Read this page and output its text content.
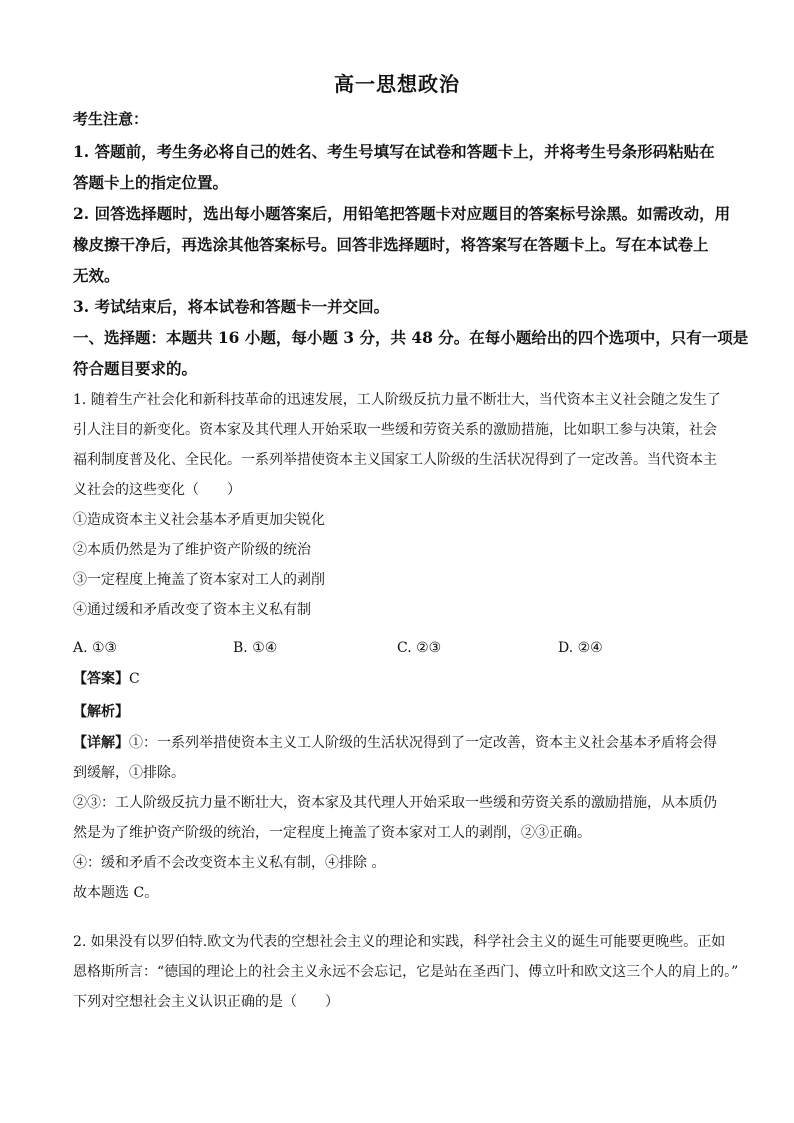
高一思想政治
考生注意：
1. 答题前，考生务必将自己的姓名、考生号填写在试卷和答题卡上，并将考生号条形码粘贴在
答题卡上的指定位置。
2. 回答选择题时，选出每小题答案后，用铅笔把答题卡对应题目的答案标号涂黑。如需改动，用
橡皮擦干净后，再选涂其他答案标号。回答非选择题时，将答案写在答题卡上。写在本试卷上
无效。
3. 考试结束后，将本试卷和答题卡一并交回。
一、选择题：本题共 16 小题，每小题 3 分，共 48 分。在每小题给出的四个选项中，只有一项是
符合题目要求的。
1. 随着生产社会化和新科技革命的迅速发展，工人阶级反抗力量不断壮大，当代资本主义社会随之发生了
引人注目的新变化。资本家及其代理人开始采取一些缓和劳资关系的激励措施，比如职工参与决策，社会
福利制度普及化、全民化。一系列举措使资本主义国家工人阶级的生活状况得到了一定改善。当代资本主
义社会的这些变化（　　）
①造成资本主义社会基本矛盾更加尖锐化
②本质仍然是为了维护资产阶级的统治
③一定程度上掩盖了资本家对工人的剥削
④通过缓和矛盾改变了资本主义私有制
A. ①③	B. ①④	C. ②③	D. ②④
【答案】C
【解析】
【详解】①：一系列举措使资本主义工人阶级的生活状况得到了一定改善，资本主义社会基本矛盾将会得
到缓解，①排除。
②③：工人阶级反抗力量不断壮大，资本家及其代理人开始采取一些缓和劳资关系的激励措施，从本质仍
然是为了维护资产阶级的统治，一定程度上掩盖了资本家对工人的剥削，②③正确。
④：缓和矛盾不会改变资本主义私有制，④排除 。
故本题选 C。
2. 如果没有以罗伯特.欧文为代表的空想社会主义的理论和实践，科学社会主义的诞生可能要更晚些。正如
恩格斯所言：“德国的理论上的社会主义永远不会忘记，它是站在圣西门、傅立叶和欧文这三个人的肩上的。”
下列对空想社会主义认识正确的是（　　）
